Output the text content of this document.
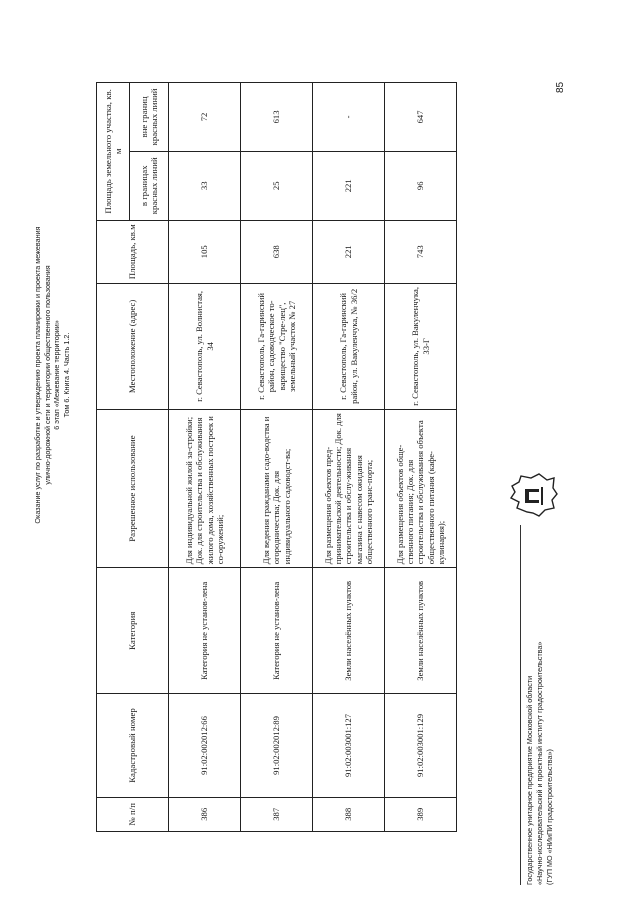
Оказание услуг по разработке и утверждению проекта планировки и проекта межевания улично-дорожной сети и территории общественного пользования 6 этап «Межевание территории» Том 6. Книга 4. Часть 1.2.
№ п/п	Кадастровый номер	Категория	Разрешенное использование	Местоположение (адрес)	Площадь, кв.м	Площадь земельного участка, кв. м	
						в границах красных линий	вне границ красных линий
386	91:02:002012:66	Категория не установ-лена	Для индивидуальной жилой за-стройки; Док. для строительства и обслуживания жилого дома, хозяйственных построек и со-оружений;	г. Севастополь, ул. Волнистая, 34	105	33	72
387	91:02:002012:89	Категория не установ-лена	Для ведения гражданами садо-водства и огородничества; Док. для индивидуального садоводст-ва;	г. Севастополь, Га-гаринский район, садоводческое то-варищество "Стре-лец", земельный участок № 27	638	25	613
388	91:02:003001:127	Земли населённых пунктов	Для размещения объектов пред-принимательской деятельности; Док. для строительства и обслу-живания магазина с навесом ожидания общественного транс-порта;	г. Севастополь, Га-гаринский район, ул. Вакуленчука, № 36/2	221	221	-
389	91:02:003001:129	Земли населённых пунктов	Для размещения объектов обще-ственного питания; Док. для строительства и обслуживания объекта общественного питания (кафе-кулинария);	г. Севастополь, ул. Вакуленчука, 33-Г	743	96	647
Государственное унитарное предприятие Московской области «Научно-исследовательский и проектный институт градостроительства» (ГУП МО «НИиПИ градостроительства»)
85
